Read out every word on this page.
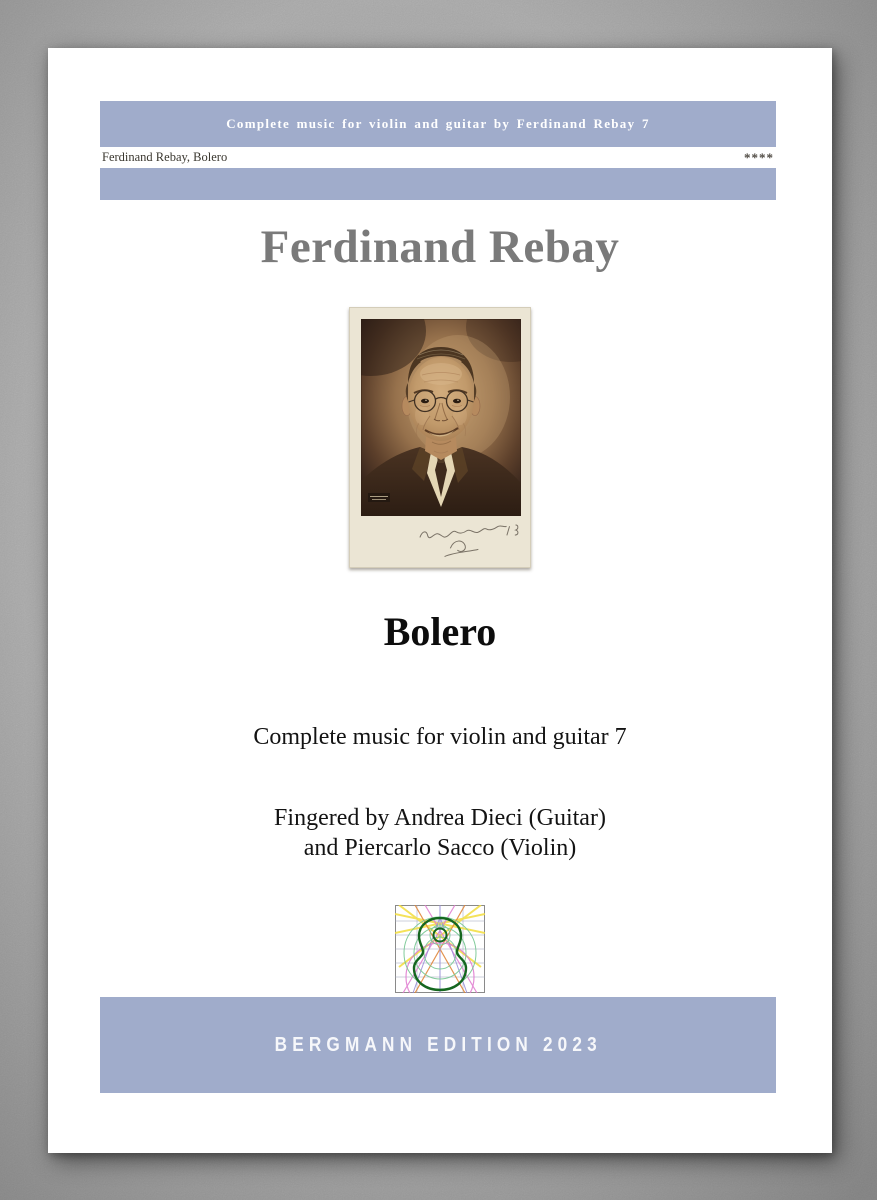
Complete music for violin and guitar by Ferdinand Rebay 7
Ferdinand Rebay, Bolero	****
Ferdinand Rebay
Bolero

Complete music for violin and guitar 7

Fingered by Andrea Dieci (Guitar)
and Piercarlo Sacco (Violin)
BERGMANN EDITION 2023
